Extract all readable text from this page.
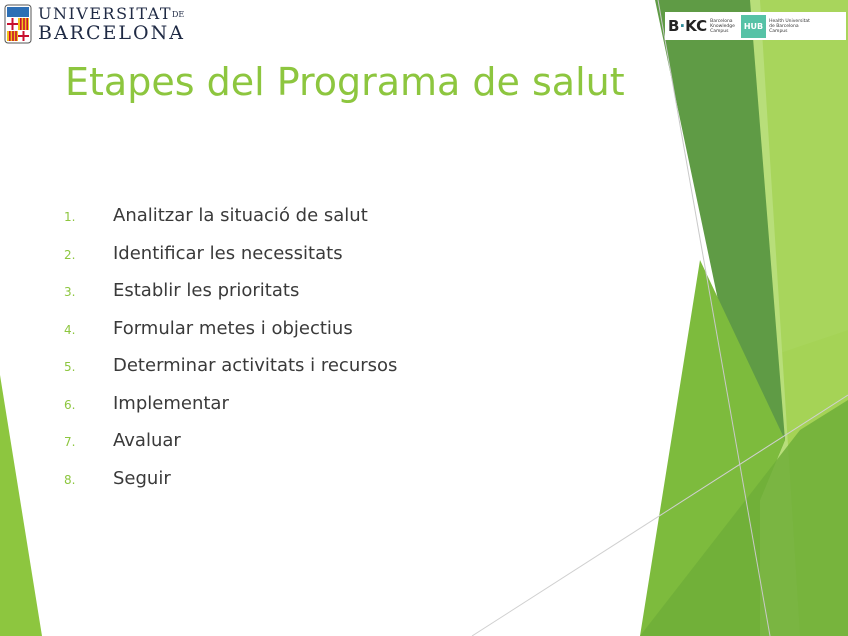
UNIVERSITATDE
BARCELONA	B·KC Barcelona
Knowledge
Campus
HUB
Health Universitat
de Barcelona
Campus
Etapes del Programa de salut
1.	Analitzar la situació de salut
2.	Identificar les necessitats
3.	Establir les prioritats
4.	Formular metes i objectius
5.	Determinar activitats i recursos
6.	Implementar
7.	Avaluar
8.	Seguir
